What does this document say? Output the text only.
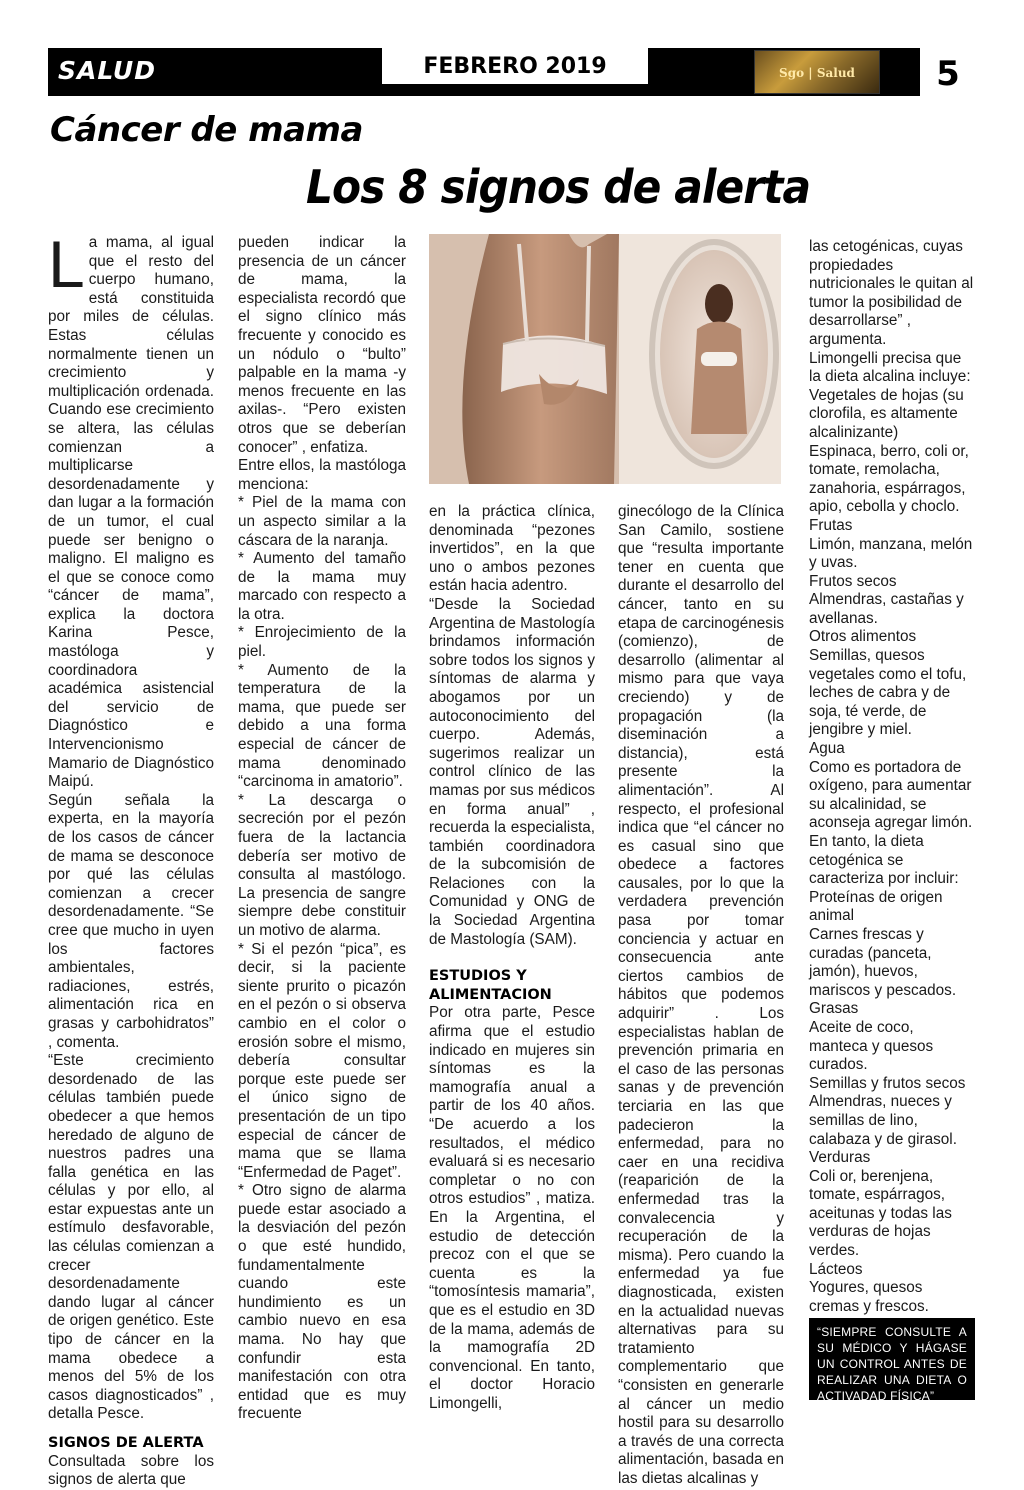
SALUD	FEBRERO 2019	Sgo | Salud	5
Cáncer de mama
Los 8 signos de alerta
L a mama, al igual que el resto del cuerpo humano, está constituida por miles de células. Estas células normalmente tienen un crecimiento y multiplicación ordenada. Cuando ese crecimiento se altera, las células comienzan a multiplicarse desordenadamente y dan lugar a la formación de un tumor, el cual puede ser benigno o maligno. El maligno es el que se conoce como “cáncer de mama”, explica la doctora Karina Pesce, mastóloga y coordinadora académica asistencial del servicio de Diagnóstico e Intervencionismo Mamario de Diagnóstico Maipú.

Según señala la experta, en la mayoría de los casos de cáncer de mama se desconoce por qué las células comienzan a crecer desordenadamente. “Se cree que mucho in uyen los factores ambientales, radiaciones, estrés, alimentación rica en grasas y carbohidratos” , comenta.

“Este crecimiento desordenado de las células también puede obedecer a que hemos heredado de alguno de nuestros padres una falla genética en las células y por ello, al estar expuestas ante un estímulo desfavorable, las células comienzan a crecer desordenadamente dando lugar al cáncer de origen genético. Este tipo de cáncer en la mama obedece a menos del 5% de los casos diagnosticados” , detalla Pesce.

SIGNOS DE ALERTA

Consultada sobre los signos de alerta que

pueden indicar la presencia de un cáncer de mama, la especialista recordó que el signo clínico más frecuente y conocido es un nódulo o “bulto” palpable en la mama -y menos frecuente en las axilas-. “Pero existen otros que se deberían conocer” , enfatiza.

Entre ellos, la mastóloga menciona:

* Piel de la mama con un aspecto similar a la cáscara de la naranja.

* Aumento del tamaño de la mama muy marcado con respecto a la otra.

* Enrojecimiento de la piel.

* Aumento de la temperatura de la mama, que puede ser debido a una forma especial de cáncer de mama denominado “carcinoma in amatorio”.

* La descarga o secreción por el pezón fuera de la lactancia debería ser motivo de consulta al mastólogo. La presencia de sangre siempre debe constituir un motivo de alarma.

* Si el pezón “pica”, es decir, si la paciente siente prurito o picazón en el pezón o si observa cambio en el color o erosión sobre el mismo, debería consultar porque este puede ser el único signo de presentación de un tipo especial de cáncer de mama que se llama “Enfermedad de Paget”.

* Otro signo de alarma puede estar asociado a la desviación del pezón o que esté hundido, fundamentalmente cuando este hundimiento es un cambio nuevo en esa mama. No hay que confundir esta manifestación con otra entidad que es muy frecuente

en la práctica clínica, denominada “pezones invertidos”, en la que uno o ambos pezones están hacia adentro.

“Desde la Sociedad Argentina de Mastología brindamos información sobre todos los signos y síntomas de alarma y abogamos por un autoconocimiento del cuerpo. Además, sugerimos realizar un control clínico de las mamas por sus médicos en forma anual” , recuerda la especialista, también coordinadora de la subcomisión de Relaciones con la Comunidad y ONG de la Sociedad Argentina de Mastología (SAM).

ESTUDIOS Y ALIMENTACION

Por otra parte, Pesce afirma que el estudio indicado en mujeres sin síntomas es la mamografía anual a partir de los 40 años. “De acuerdo a los resultados, el médico evaluará si es necesario completar o no con otros estudios” , matiza. En la Argentina, el estudio de detección precoz con el que se cuenta es la “tomosíntesis mamaria”, que es el estudio en 3D de la mama, además de la mamografía 2D convencional. En tanto, el doctor Horacio Limongelli,

ginecólogo de la Clínica San Camilo, sostiene que “resulta importante tener en cuenta que durante el desarrollo del cáncer, tanto en su etapa de carcinogénesis (comienzo), de desarrollo (alimentar al mismo para que vaya creciendo) y de propagación (la diseminación a distancia), está presente la alimentación”. Al respecto, el profesional indica que “el cáncer no es casual sino que obedece a factores causales, por lo que la verdadera prevención pasa por tomar conciencia y actuar en consecuencia ante ciertos cambios de hábitos que podemos adquirir” . Los especialistas hablan de prevención primaria en el caso de las personas sanas y de prevención terciaria en las que padecieron la enfermedad, para no caer en una recidiva (reaparición de la enfermedad tras la convalecencia y recuperación de la misma). Pero cuando la enfermedad ya fue diagnosticada, existen en la actualidad nuevas alternativas para su tratamiento complementario que “consisten en generarle al cáncer un medio hostil para su desarrollo a través de una correcta alimentación, basada en las dietas alcalinas y

las cetogénicas, cuyas propiedades nutricionales le quitan al tumor la posibilidad de desarrollarse” , argumenta.

Limongelli precisa que la dieta alcalina incluye:

Vegetales de hojas (su clorofila, es altamente alcalinizante)

Espinaca, berro, coli or, tomate, remolacha, zanahoria, espárragos, apio, cebolla y choclo.

Frutas

Limón, manzana, melón y uvas.

Frutos secos

Almendras, castañas y avellanas.

Otros alimentos

Semillas, quesos vegetales como el tofu, leches de cabra y de soja, té verde, de jengibre y miel.

Agua

Como es portadora de oxígeno, para aumentar su alcalinidad, se aconseja agregar limón.

En tanto, la dieta cetogénica se caracteriza por incluir:

Proteínas de origen animal

Carnes frescas y curadas (panceta, jamón), huevos, mariscos y pescados.

Grasas

Aceite de coco, manteca y quesos curados.

Semillas y frutos secos

Almendras, nueces y semillas de lino, calabaza y de girasol.

Verduras

Coli or, berenjena, tomate, espárragos, aceitunas y todas las verduras de hojas verdes.

Lácteos

Yogures, quesos cremas y frescos.

“SIEMPRE CONSULTE A SU MÉDICO Y HÁGASE UN CONTROL ANTES DE REALIZAR UNA DIETA O ACTIVADAD FÍSICA”
